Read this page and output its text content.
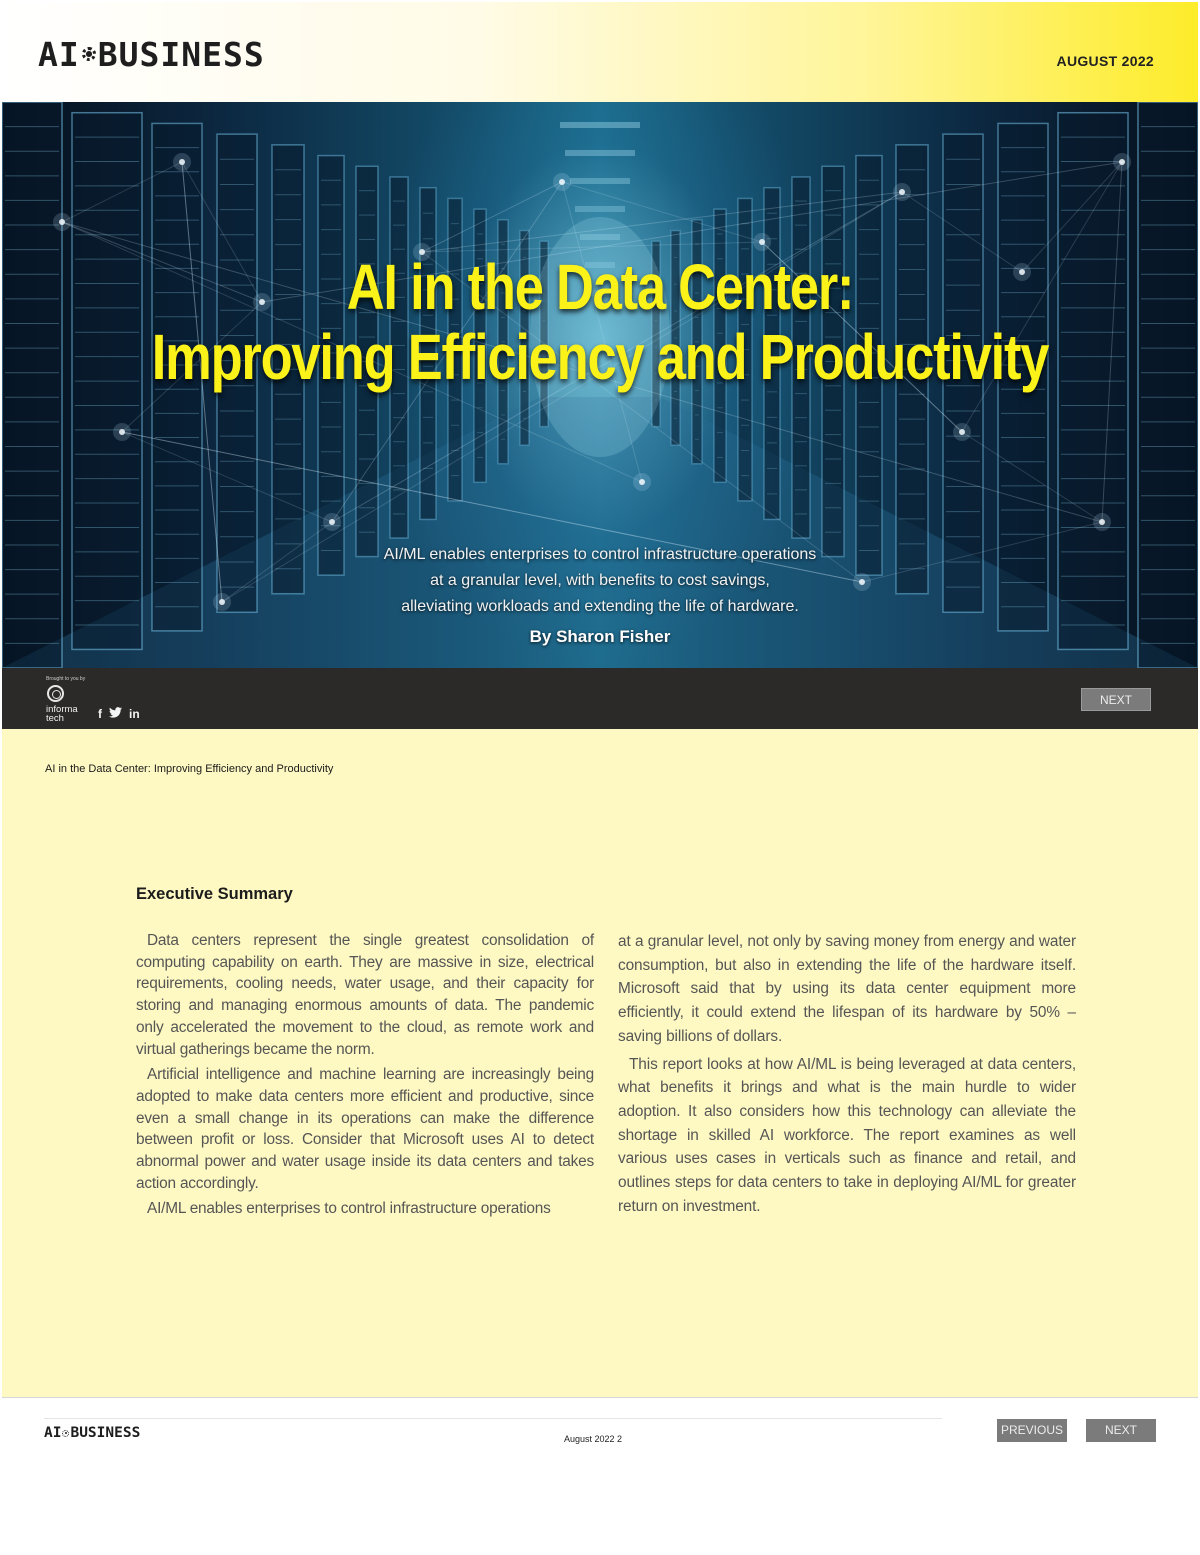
AI BUSINESS	AUGUST 2022
AI in the Data Center:
Improving Efficiency and Productivity
AI/ML enables enterprises to control infrastructure operations
at a granular level, with benefits to cost savings,
alleviating workloads and extending the life of hardware.
By Sharon Fisher
Brought to you by
informa
tech	f in
NEXT
AI in the Data Center: Improving Efficiency and Productivity
Executive Summary

Data centers represent the single greatest consolidation of computing capability on earth. They are massive in size, electrical requirements, cooling needs, water usage, and their capacity for storing and managing enormous amounts of data. The pandemic only accelerated the movement to the cloud, as remote work and virtual gatherings became the norm.

Artificial intelligence and machine learning are increasingly being adopted to make data centers more efficient and productive, since even a small change in its operations can make the difference between profit or loss. Consider that Microsoft uses AI to detect abnormal power and water usage inside its data centers and takes action accordingly.

AI/ML enables enterprises to control infrastructure operations

at a granular level, not only by saving money from energy and water consumption, but also in extending the life of the hardware itself. Microsoft said that by using its data center equipment more efficiently, it could extend the lifespan of its hardware by 50% – saving billions of dollars.

This report looks at how AI/ML is being leveraged at data centers, what benefits it brings and what is the main hurdle to wider adoption. It also considers how this technology can alleviate the shortage in skilled AI workforce. The report examines as well various uses cases in verticals such as finance and retail, and outlines steps for data centers to take in deploying AI/ML for greater return on investment.

AI BUSINESS	August 2022 2
PREVIOUS	NEXT
